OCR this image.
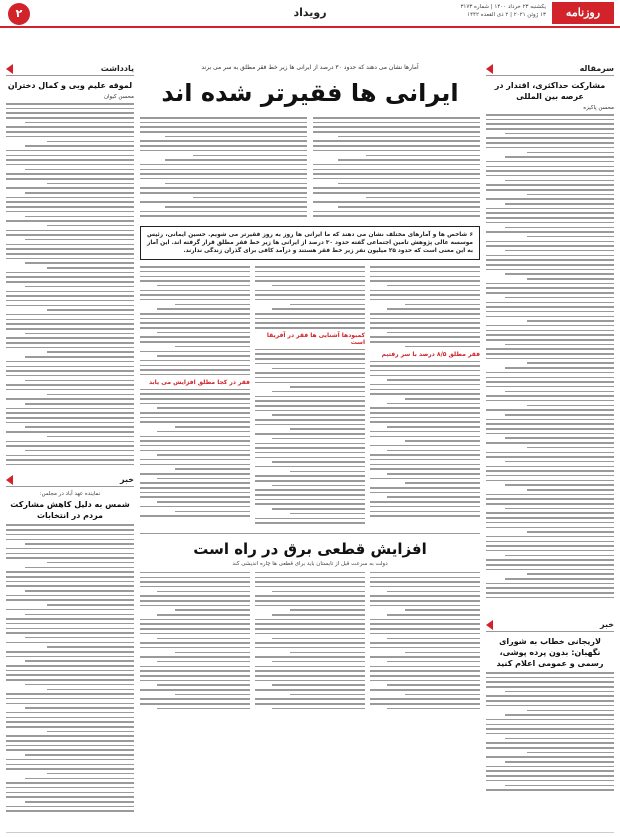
روزنامه پیشرو
یکشنبه ۲۳ خرداد ۱۴۰۰ | شماره ۳۱۷۳
۱۳ ژوئن ۲۰۲۱ | ۲ ذی القعده ۱۴۴۲
رویداد
۲
سرمقاله
مشارکت حداکثری، اقتدار در عرصه بین المللی
محسن پاکیزه
خبر
لاریجانی خطاب به شورای نگهبان: بدون پرده پوشی، رسمی و عمومی اعلام کنید
یادداشت
لموقه علیم وبی و کمال دختران
محسن کیوان
خبر
نماینده عهد آباد در مجلس:
شمس به دلیل کاهش مشارکت مردم در انتخابات
آمارها نشان می دهند که حدود ۳۰ درصد از ایرانی ها زیر خط فقر مطلق به سر می برند
ایرانی ها فقیرتر شده اند
۶ شاخص ها و آمارهای مختلف نشان می دهند که ما ایرانی ها روز به روز فقیرتر می شویم. حسین ایمانی، رئیس موسسه عالی پژوهش تامین اجتماعی گفته حدود ۳۰ درصد از ایرانی ها زیر خط فقر مطلق قرار گرفته اند. این آمار به این معنی است که حدود ۲۵ میلیون نفر زیر خط فقر هستند و درآمد کافی برای گذران زندگی ندارند.
فقر مطلق ۸/۵ درصد با سر رفتیم
کمبودها آشنایی ها فقر در آفریقا است
فقر در کجا مطلق افزایش می یابد
افزایش قطعی برق در راه است
دولت به سرعت قبل از تابستان باید برای قطعی ها چاره اندیشی کند
